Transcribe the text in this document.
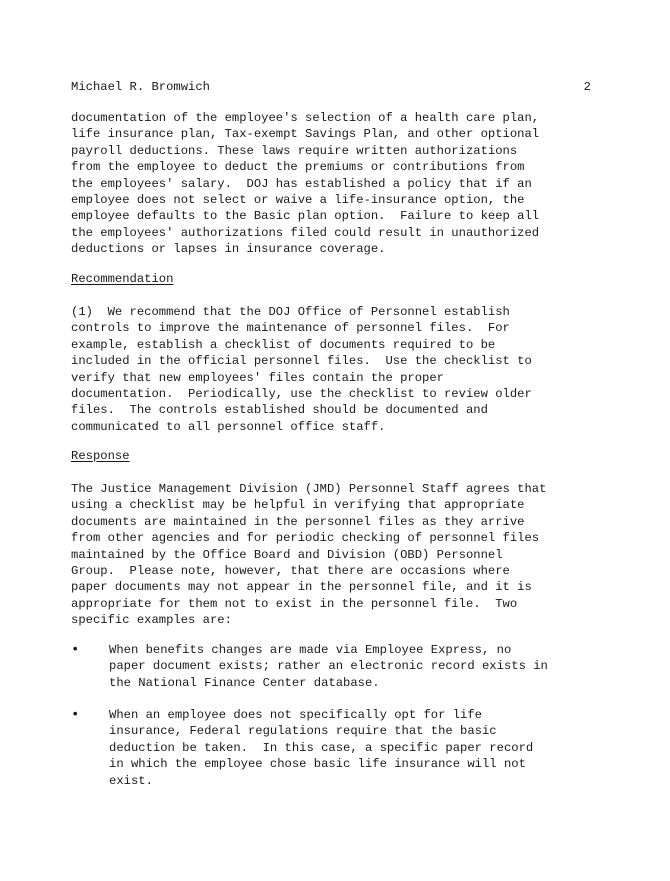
Michael R. Bromwich	2
documentation of the employee's selection of a health care plan,
life insurance plan, Tax-exempt Savings Plan, and other optional
payroll deductions. These laws require written authorizations
from the employee to deduct the premiums or contributions from
the employees' salary.  DOJ has established a policy that if an
employee does not select or waive a life-insurance option, the
employee defaults to the Basic plan option.  Failure to keep all
the employees' authorizations filed could result in unauthorized
deductions or lapses in insurance coverage.
Recommendation
(1)  We recommend that the DOJ Office of Personnel establish
controls to improve the maintenance of personnel files.  For
example, establish a checklist of documents required to be
included in the official personnel files.  Use the checklist to
verify that new employees' files contain the proper
documentation.  Periodically, use the checklist to review older
files.  The controls established should be documented and
communicated to all personnel office staff.
Response
The Justice Management Division (JMD) Personnel Staff agrees that
using a checklist may be helpful in verifying that appropriate
documents are maintained in the personnel files as they arrive
from other agencies and for periodic checking of personnel files
maintained by the Office Board and Division (OBD) Personnel
Group.  Please note, however, that there are occasions where
paper documents may not appear in the personnel file, and it is
appropriate for them not to exist in the personnel file.  Two
specific examples are:
• When benefits changes are made via Employee Express, no
paper document exists; rather an electronic record exists in
the National Finance Center database.
• When an employee does not specifically opt for life
insurance, Federal regulations require that the basic
deduction be taken.  In this case, a specific paper record
in which the employee chose basic life insurance will not
exist.
